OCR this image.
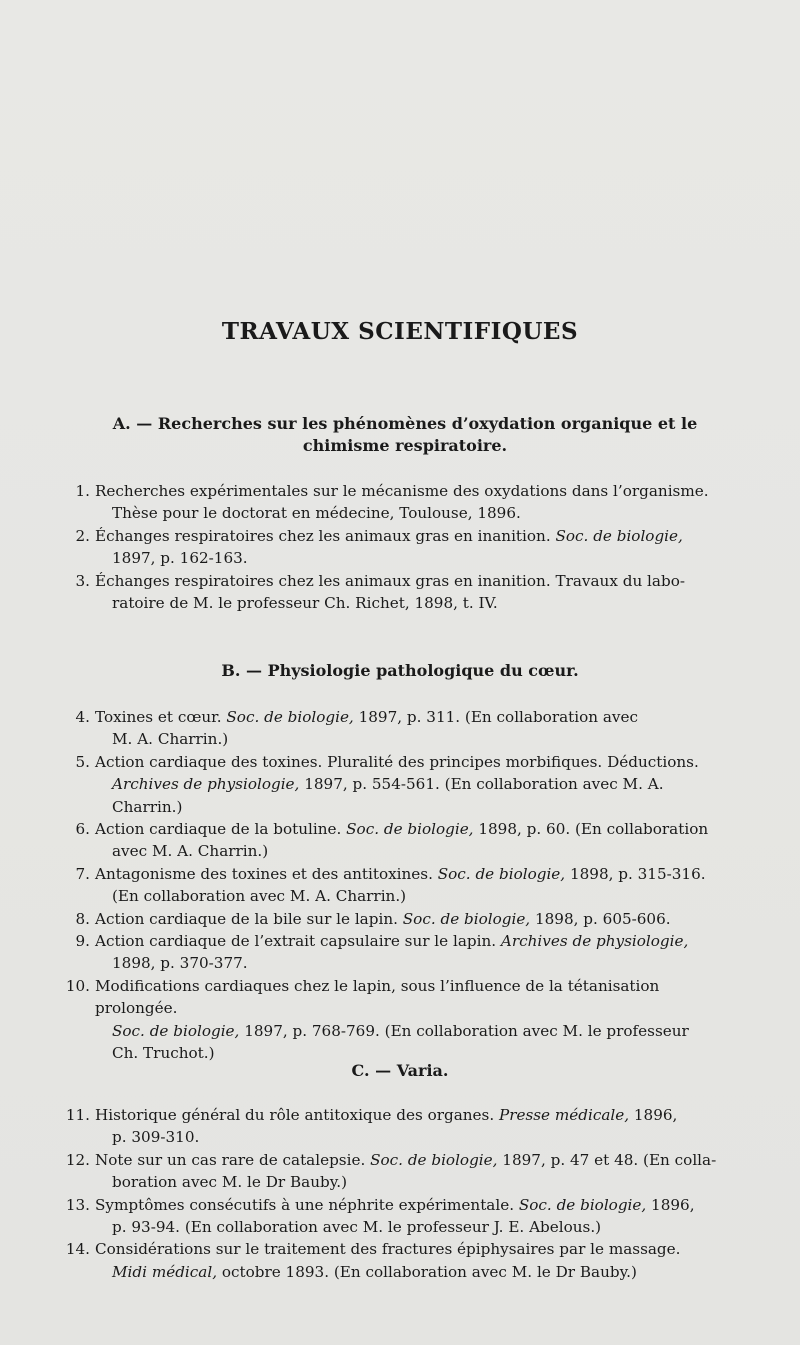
TRAVAUX SCIENTIFIQUES
A. — Recherches sur les phénomènes d’oxydation organique et le
chimisme respiratoire.
1. Recherches expérimentales sur le mécanisme des oxydations dans l’organisme.
Thèse pour le doctorat en médecine, Toulouse, 1896.
2. Échanges respiratoires chez les animaux gras en inanition. Soc. de biologie,
1897, p. 162-163.
3. Échanges respiratoires chez les animaux gras en inanition. Travaux du labo-
ratoire de M. le professeur Ch. Richet, 1898, t. IV.
B. — Physiologie pathologique du cœur.
4. Toxines et cœur. Soc. de biologie, 1897, p. 311. (En collaboration avec
M. A. Charrin.)
5. Action cardiaque des toxines. Pluralité des principes morbifiques. Déductions.
Archives de physiologie, 1897, p. 554-561. (En collaboration avec M. A. Charrin.)
6. Action cardiaque de la botuline. Soc. de biologie, 1898, p. 60. (En collaboration
avec M. A. Charrin.)
7. Antagonisme des toxines et des antitoxines. Soc. de biologie, 1898, p. 315-316.
(En collaboration avec M. A. Charrin.)
8. Action cardiaque de la bile sur le lapin. Soc. de biologie, 1898, p. 605-606.
9. Action cardiaque de l’extrait capsulaire sur le lapin. Archives de physiologie,
1898, p. 370-377.
10. Modifications cardiaques chez le lapin, sous l’influence de la tétanisation prolongée.
Soc. de biologie, 1897, p. 768-769. (En collaboration avec M. le professeur
Ch. Truchot.)
C. — Varia.
11. Historique général du rôle antitoxique des organes. Presse médicale, 1896,
p. 309-310.
12. Note sur un cas rare de catalepsie. Soc. de biologie, 1897, p. 47 et 48. (En colla-
boration avec M. le Dr Bauby.)
13. Symptômes consécutifs à une néphrite expérimentale. Soc. de biologie, 1896,
p. 93-94. (En collaboration avec M. le professeur J. E. Abelous.)
14. Considérations sur le traitement des fractures épiphysaires par le massage.
Midi médical, octobre 1893. (En collaboration avec M. le Dr Bauby.)
